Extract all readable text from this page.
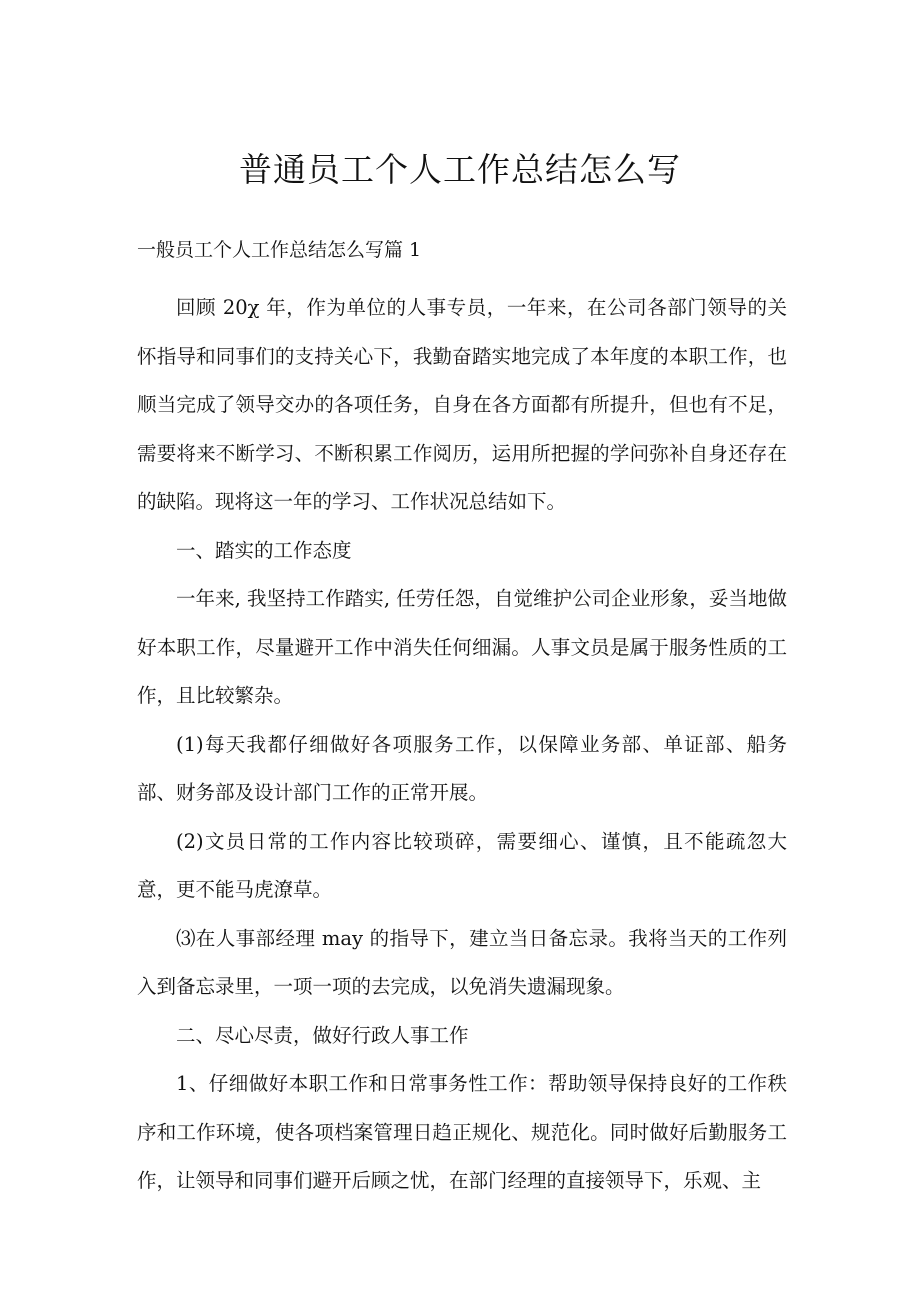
普通员工个人工作总结怎么写
一般员工个人工作总结怎么写篇 1

回顾 20χ 年，作为单位的人事专员，一年来，在公司各部门领导的关怀指导和同事们的支持关心下，我勤奋踏实地完成了本年度的本职工作，也顺当完成了领导交办的各项任务，自身在各方面都有所提升，但也有不足，需要将来不断学习、不断积累工作阅历，运用所把握的学问弥补自身还存在的缺陷。现将这一年的学习、工作状况总结如下。

一、踏实的工作态度

一年来, 我坚持工作踏实, 任劳任怨，自觉维护公司企业形象，妥当地做好本职工作，尽量避开工作中消失任何细漏。人事文员是属于服务性质的工作，且比较繁杂。

(1)每天我都仔细做好各项服务工作，以保障业务部、单证部、船务部、财务部及设计部门工作的正常开展。

(2)文员日常的工作内容比较琐碎，需要细心、谨慎，且不能疏忽大意，更不能马虎潦草。

⑶在人事部经理 may 的指导下，建立当日备忘录。我将当天的工作列入到备忘录里，一项一项的去完成，以免消失遗漏现象。

二、尽心尽责，做好行政人事工作

1、仔细做好本职工作和日常事务性工作：帮助领导保持良好的工作秩序和工作环境，使各项档案管理日趋正规化、规范化。同时做好后勤服务工作，让领导和同事们避开后顾之忧，在部门经理的直接领导下，乐观、主
